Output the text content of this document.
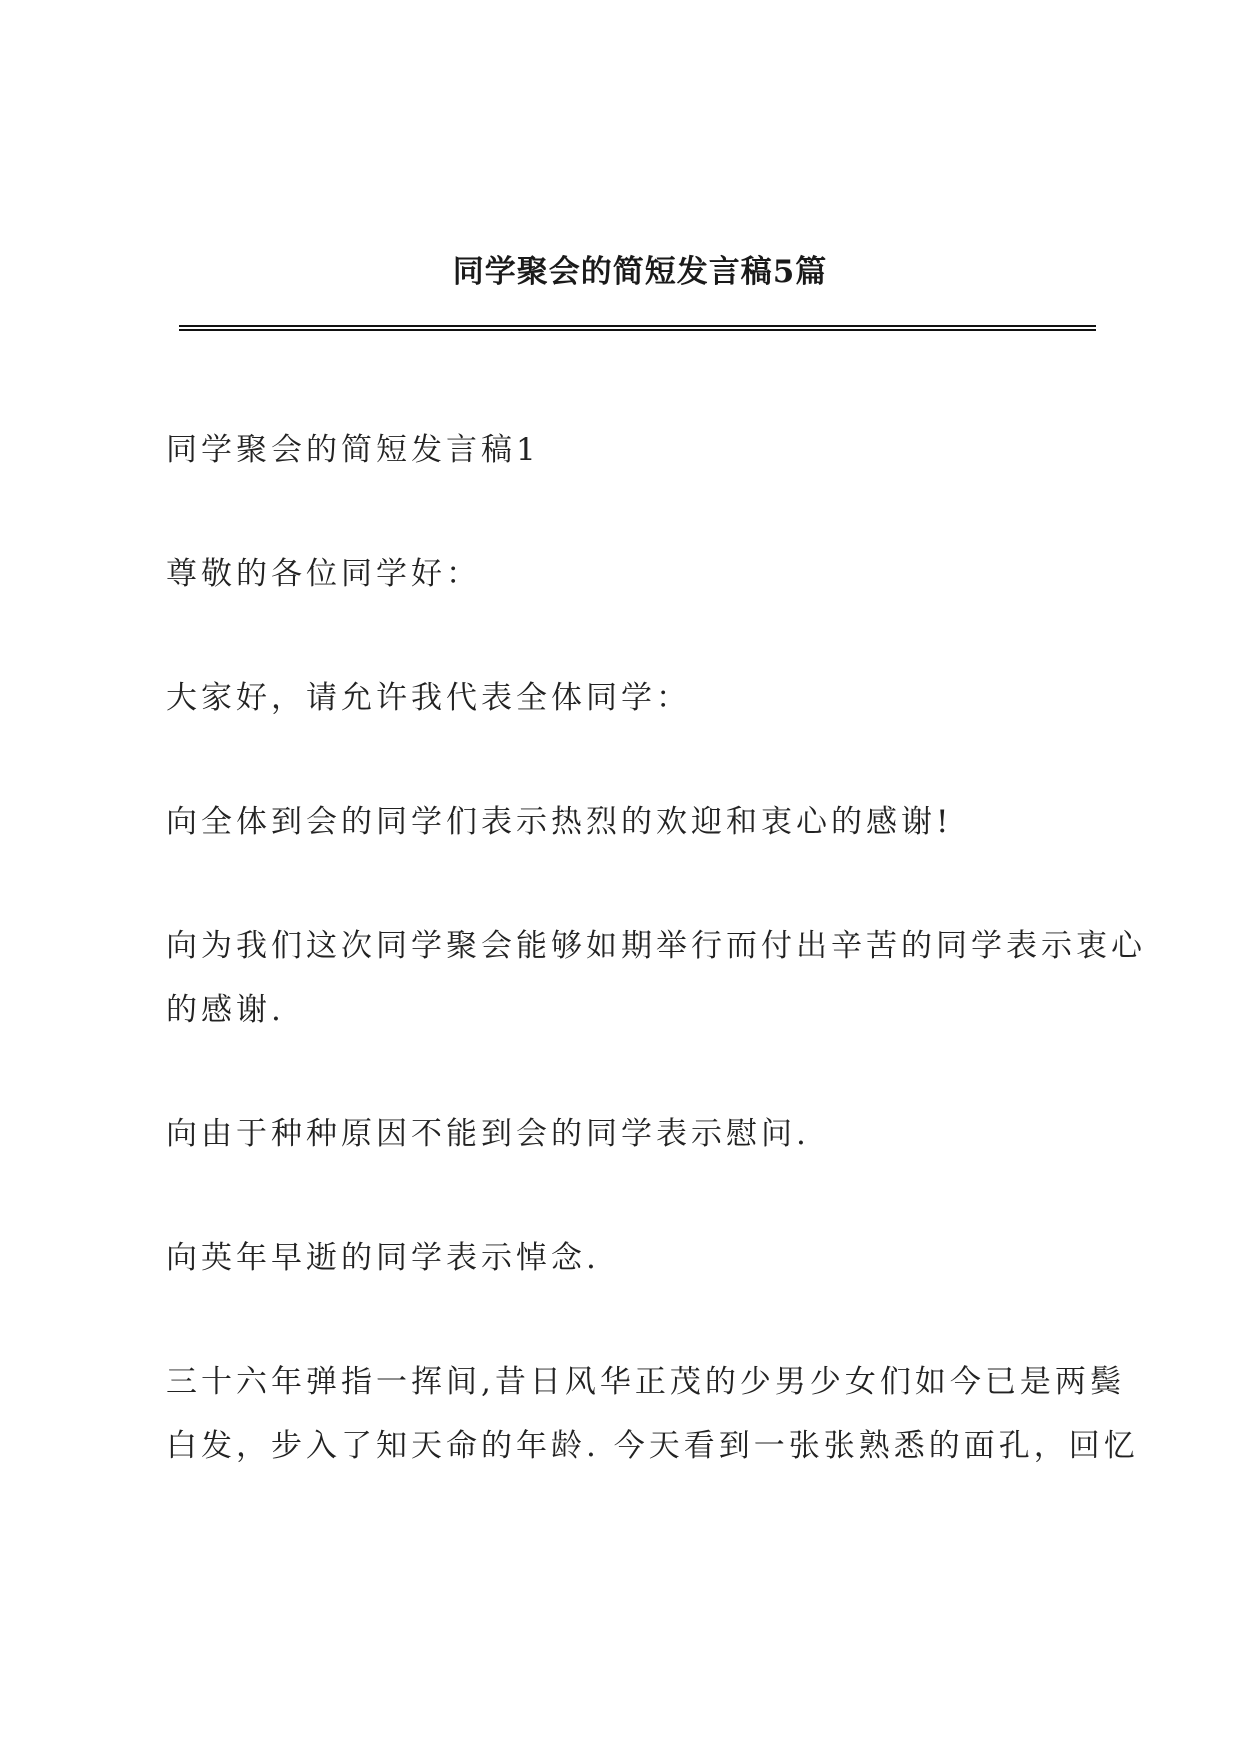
同学聚会的简短发言稿5篇

同学聚会的简短发言稿1

尊敬的各位同学好：

大家好，请允许我代表全体同学：

向全体到会的同学们表示热烈的欢迎和衷心的感谢!

向为我们这次同学聚会能够如期举行而付出辛苦的同学表示衷心
的感谢.

向由于种种原因不能到会的同学表示慰问.

向英年早逝的同学表示悼念.

三十六年弹指一挥间,昔日风华正茂的少男少女们如今已是两鬓
白发，步入了知天命的年龄. 今天看到一张张熟悉的面孔，回忆
